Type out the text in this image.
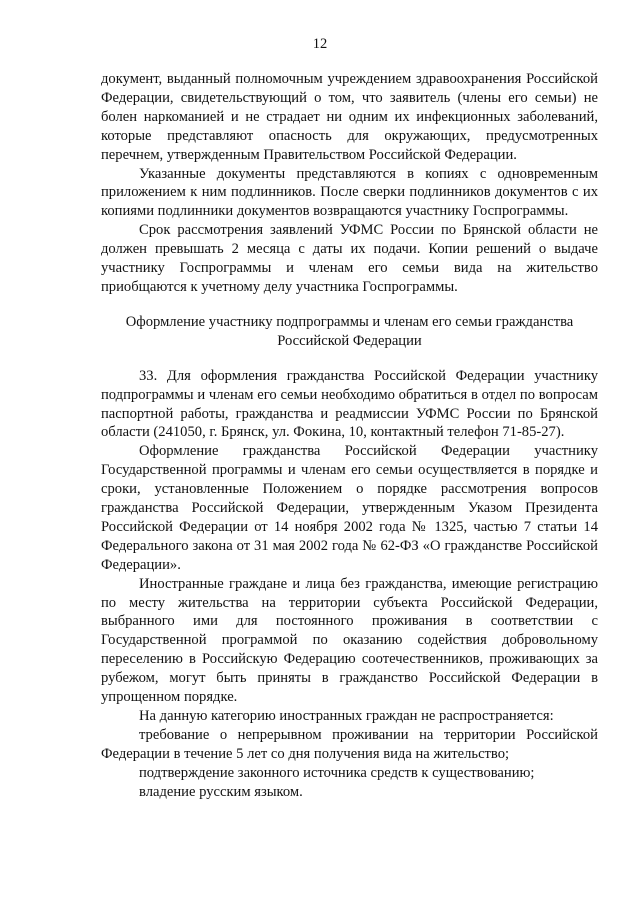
12

документ, выданный полномочным учреждением здравоохранения Российской Федерации, свидетельствующий о том, что заявитель (члены его семьи) не болен наркоманией и не страдает ни одним их инфекционных заболеваний, которые представляют опасность для окружающих, предусмотренных перечнем, утвержденным Правительством Российской Федерации.

Указанные документы представляются в копиях с одновременным приложением к ним подлинников. После сверки подлинников документов с их копиями подлинники документов возвращаются участнику Госпрограммы.

Срок рассмотрения заявлений УФМС России по Брянской области не должен превышать 2 месяца с даты их подачи. Копии решений о выдаче участнику Госпрограммы и членам его семьи вида на жительство приобщаются к учетному делу участника Госпрограммы.

Оформление участнику подпрограммы и членам его семьи гражданства Российской Федерации

33. Для оформления гражданства Российской Федерации участнику подпрограммы и членам его семьи необходимо обратиться в отдел по вопросам паспортной работы, гражданства и реадмиссии УФМС России по Брянской области (241050, г. Брянск, ул. Фокина, 10, контактный телефон 71-85-27).

Оформление гражданства Российской Федерации участнику Государственной программы и членам его семьи осуществляется в порядке и сроки, установленные Положением о порядке рассмотрения вопросов гражданства Российской Федерации, утвержденным Указом Президента Российской Федерации от 14 ноября 2002 года № 1325, частью 7 статьи 14 Федерального закона от 31 мая 2002 года № 62-ФЗ «О гражданстве Российской Федерации».

Иностранные граждане и лица без гражданства, имеющие регистрацию по месту жительства на территории субъекта Российской Федерации, выбранного ими для постоянного проживания в соответствии с Государственной программой по оказанию содействия добровольному переселению в Российскую Федерацию соотечественников, проживающих за рубежом, могут быть приняты в гражданство Российской Федерации в упрощенном порядке.

На данную категорию иностранных граждан не распространяется:

требование о непрерывном проживании на территории Российской Федерации в течение 5 лет со дня получения вида на жительство;

подтверждение законного источника средств к существованию;

владение русским языком.
